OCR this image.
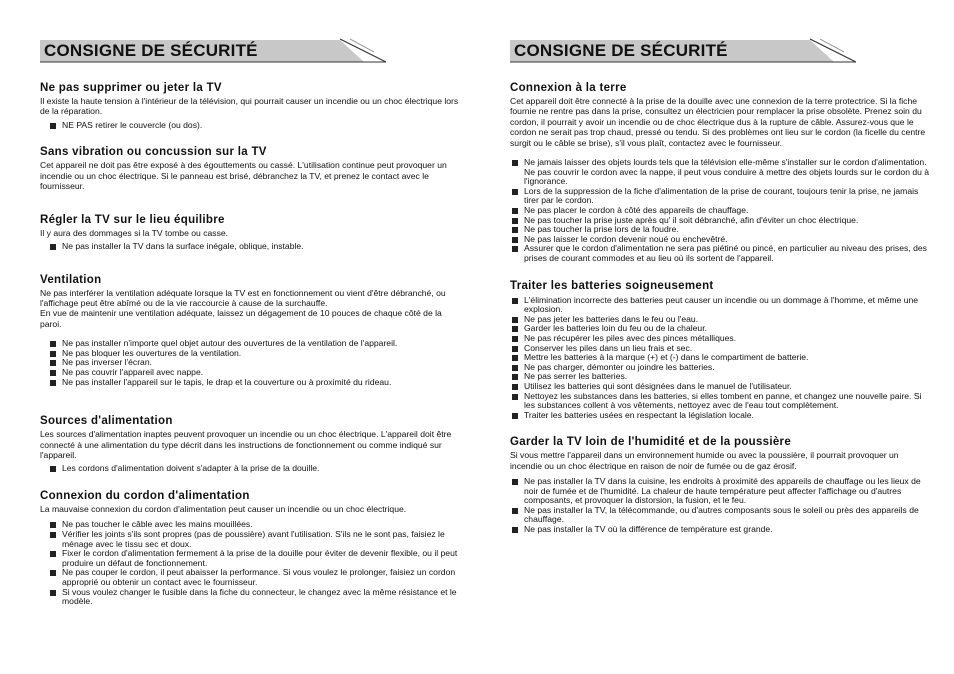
CONSIGNE DE SÉCURITÉ
Ne pas supprimer ou jeter la TV

Il existe la haute tension à l'intérieur de la télévision, qui pourrait causer un incendie ou un choc électrique lors de la réparation.

NE PAS retirer le couvercle (ou dos).
Sans vibration ou concussion sur la TV

Cet appareil ne doit pas être exposé à des égouttements ou cassé. L'utilisation continue peut provoquer un incendie ou un choc électrique. Si le panneau est brisé, débranchez la TV, et prenez le contact avec le fournisseur.

Régler la TV sur le lieu équilibre

Il y aura des dommages si la TV tombe ou casse.

Ne pas installer la TV dans la surface inégale, oblique, instable.
Ventilation

Ne pas interférer la ventilation adéquate lorsque la TV est en fonctionnement ou vient d'être débranché, ou l'affichage peut être abîmé ou de la vie raccourcie à cause de la surchauffe.

En vue de maintenir une ventilation adéquate, laissez un dégagement de 10 pouces de chaque côté de la paroi.

Ne pas installer n'importe quel objet autour des ouvertures de la ventilation de l'appareil.
Ne pas bloquer les ouvertures de la ventilation.
Ne pas inverser l'écran.
Ne pas couvrir l'appareil avec nappe.
Ne pas installer l'appareil sur le tapis, le drap et la couverture ou à proximité du rideau.
Sources d'alimentation

Les sources d'alimentation inaptes peuvent provoquer un incendie ou un choc électrique. L'appareil doit être connecté à une alimentation du type décrit dans les instructions de fonctionnement ou comme indiqué sur l'appareil.

Les cordons d'alimentation doivent s'adapter à la prise de la douille.
Connexion du cordon d'alimentation

La mauvaise connexion du cordon d'alimentation peut causer un incendie ou un choc électrique.

Ne pas toucher le câble avec les mains mouillées.
Vérifier les joints s'ils sont propres (pas de poussière) avant l'utilisation. S'ils ne le sont pas, faisiez le ménage avec le tissu sec et doux.
Fixer le cordon d'alimentation fermement à la prise de la douille pour éviter de devenir flexible, ou il peut produire un défaut de fonctionnement.
Ne pas couper le cordon, il peut abaisser la performance. Si vous voulez le prolonger, faisiez un cordon approprié ou obtenir un contact avec le fournisseur.
Si vous voulez changer le fusible dans la fiche du connecteur, le changez avec la même résistance et le modèle.
CONSIGNE DE SÉCURITÉ
Connexion à la terre

Cet appareil doit être connecté à la prise de la douille avec une connexion de la terre protectrice. Si la fiche fournie ne rentre pas dans la prise, consultez un électricien pour remplacer la prise obsolète. Prenez soin du cordon, il pourrait y avoir un incendie ou de choc électrique dus à la rupture de câble. Assurez-vous que le cordon ne serait pas trop chaud, pressé ou tendu. Si des problèmes ont lieu sur le cordon (la ficelle du centre surgit ou le câble se brise), s'il vous plaît, contactez avec le fournisseur.

Ne jamais laisser des objets lourds tels que la télévision elle-même s'installer sur le cordon d'alimentation. Ne pas couvrir le cordon avec la nappe, il peut vous conduire à mettre des objets lourds sur le cordon du à l'ignorance.
Lors de la suppression de la fiche d'alimentation de la prise de courant, toujours tenir la prise, ne jamais tirer par le cordon.
Ne pas placer le cordon à côté des appareils de chauffage.
Ne pas toucher la prise juste après qu' il soit débranché, afin d'éviter un choc électrique.
Ne pas toucher la prise lors de la foudre.
Ne pas laisser le cordon devenir noué ou enchevêtré.
Assurer que le cordon d'alimentation ne sera pas piétiné ou pincé, en particulier au niveau des prises, des prises de courant commodes et au lieu où ils sortent de l'appareil.
Traiter les batteries soigneusement
L'élimination incorrecte des batteries peut causer un incendie ou un dommage à l'homme, et même une explosion.
Ne pas jeter les batteries dans le feu ou l'eau.
Garder les batteries loin du feu ou de la chaleur.
Ne pas récupérer les piles avec des pinces métalliques.
Conserver les piles dans un lieu frais et sec.
Mettre les batteries à la marque (+) et (-) dans le compartiment de batterie.
Ne pas charger, démonter ou joindre les batteries.
Ne pas serrer les batteries.
Utilisez les batteries qui sont désignées dans le manuel de l'utilisateur.
Nettoyez les substances dans les batteries, si elles tombent en panne, et changez une nouvelle paire. Si les substances collent à vos vêtements, nettoyez avec de l'eau tout complètement.
Traiter les batteries usées en respectant la législation locale.
Garder la TV loin de l'humidité et de la poussière

Si vous mettre l'appareil dans un environnement humide ou avec la poussière, il pourrait provoquer un incendie ou un choc électrique en raison de noir de fumée ou de gaz érosif.

Ne pas installer la TV dans la cuisine, les endroits à proximité des appareils de chauffage ou les lieux de noir de fumée et de l'humidité. La chaleur de haute température peut affecter l'affichage ou d'autres composants, et provoquer la distorsion, la fusion, et le feu.
Ne pas installer la TV, la télécommande, ou d'autres composants sous le soleil ou près des appareils de chauffage.
Ne pas installer la TV où la différence de température est grande.
